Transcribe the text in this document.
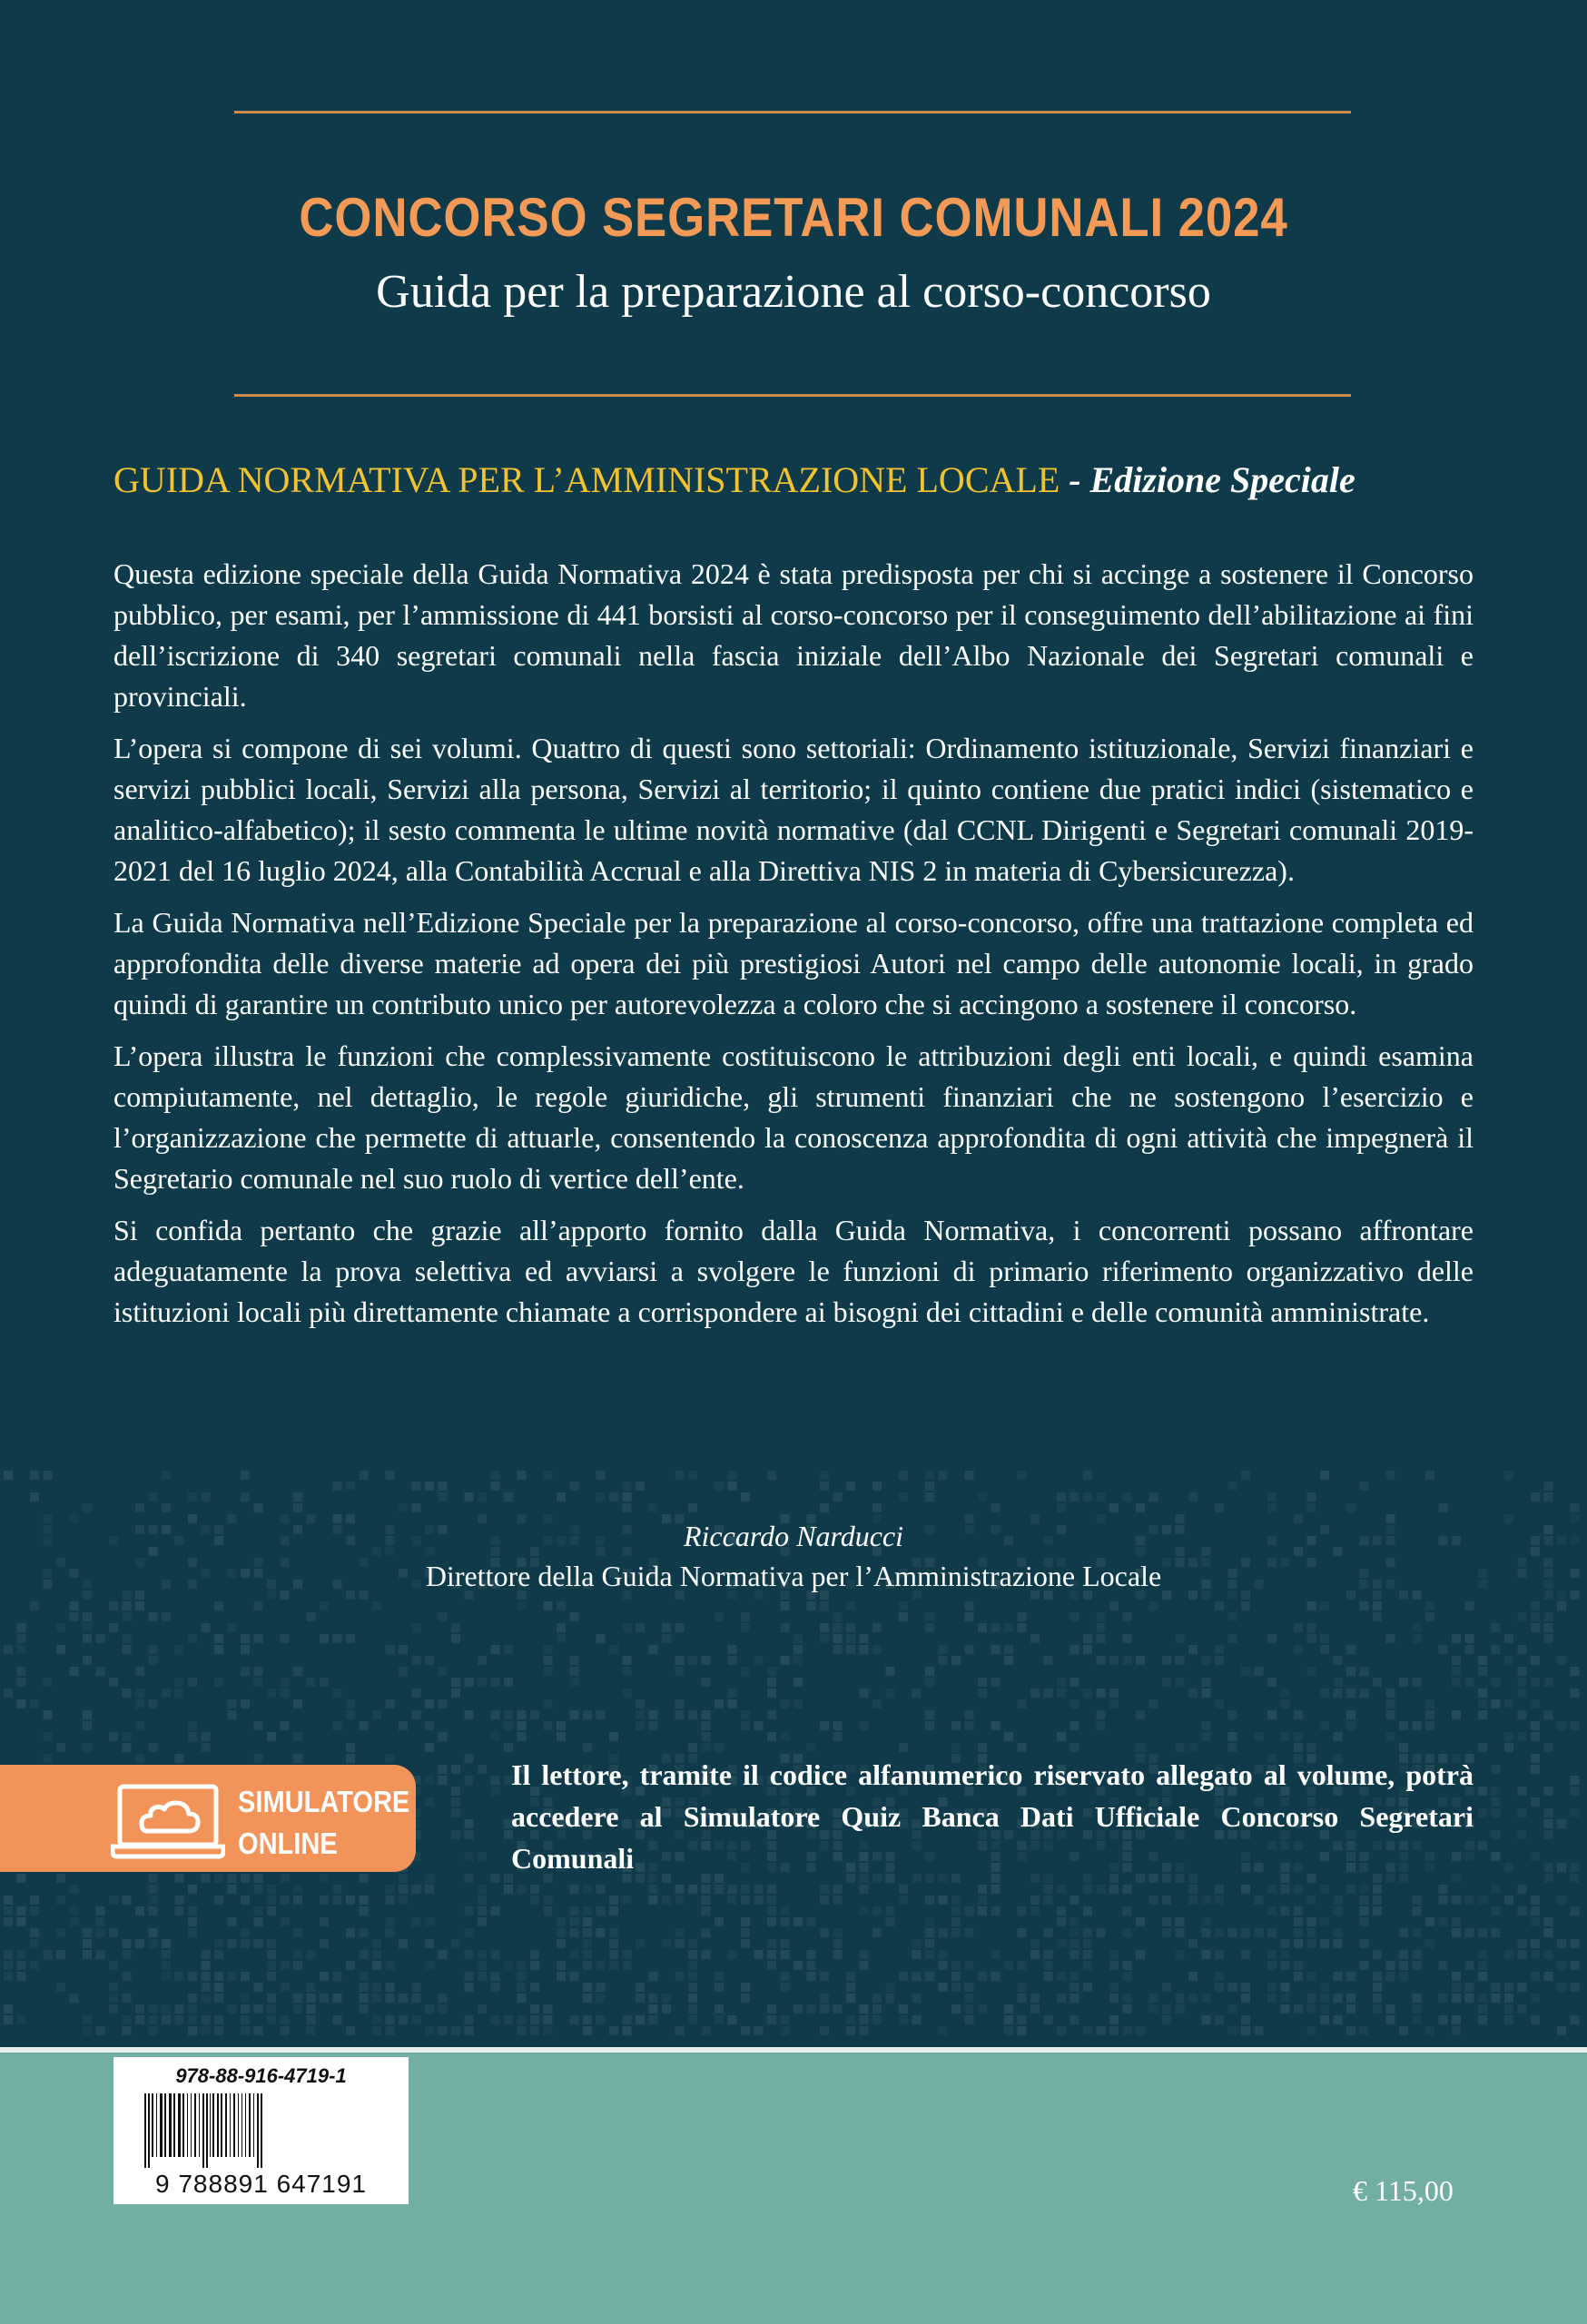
CONCORSO SEGRETARI COMUNALI 2024
Guida per la preparazione al corso-concorso
GUIDA NORMATIVA PER L’AMMINISTRAZIONE LOCALE - Edizione Speciale

Questa edizione speciale della Guida Normativa 2024 è stata predisposta per chi si accinge a sostenere il Concorso pubblico, per esami, per l’ammissione di 441 borsisti al corso-concorso per il conseguimento dell’abilitazione ai fini dell’iscrizione di 340 segretari comunali nella fascia iniziale dell’Albo Nazionale dei Segretari comunali e provinciali.

L’opera si compone di sei volumi. Quattro di questi sono settoriali: Ordinamento istituzionale, Servizi finanziari e servizi pubblici locali, Servizi alla persona, Servizi al territorio; il quinto contiene due pratici indici (sistematico e analitico-alfabetico); il sesto commenta le ultime novità normative (dal CCNL Dirigenti e Segretari comunali 2019-2021 del 16 luglio 2024, alla Contabilità Accrual e alla Direttiva NIS 2 in materia di Cybersicurezza).

La Guida Normativa nell’Edizione Speciale per la preparazione al corso-concorso, offre una trattazione completa ed approfondita delle diverse materie ad opera dei più prestigiosi Autori nel campo delle autonomie locali, in grado quindi di garantire un contributo unico per autorevolezza a coloro che si accingono a sostenere il concorso.

L’opera illustra le funzioni che complessivamente costituiscono le attribuzioni degli enti locali, e quindi esamina compiutamente, nel dettaglio, le regole giuridiche, gli strumenti finanziari che ne sostengono l’esercizio e l’organizzazione che permette di attuarle, consentendo la conoscenza approfondita di ogni attività che impegnerà il Segretario comunale nel suo ruolo di vertice dell’ente.

Si confida pertanto che grazie all’apporto fornito dalla Guida Normativa, i concorrenti possano affrontare adeguatamente la prova selettiva ed avviarsi a svolgere le funzioni di primario riferimento organizzativo delle istituzioni locali più direttamente chiamate a corrispondere ai bisogni dei cittadini e delle comunità amministrate.

Riccardo Narducci
Direttore della Guida Normativa per l’Amministrazione Locale
SIMULATORE
ONLINE
Il lettore, tramite il codice alfanumerico riservato allegato al volume, potrà accedere al Simulatore Quiz Banca Dati Ufficiale Concorso Segretari Comunali
978-88-916-4719-1
9 788891 647191	€ 115,00
